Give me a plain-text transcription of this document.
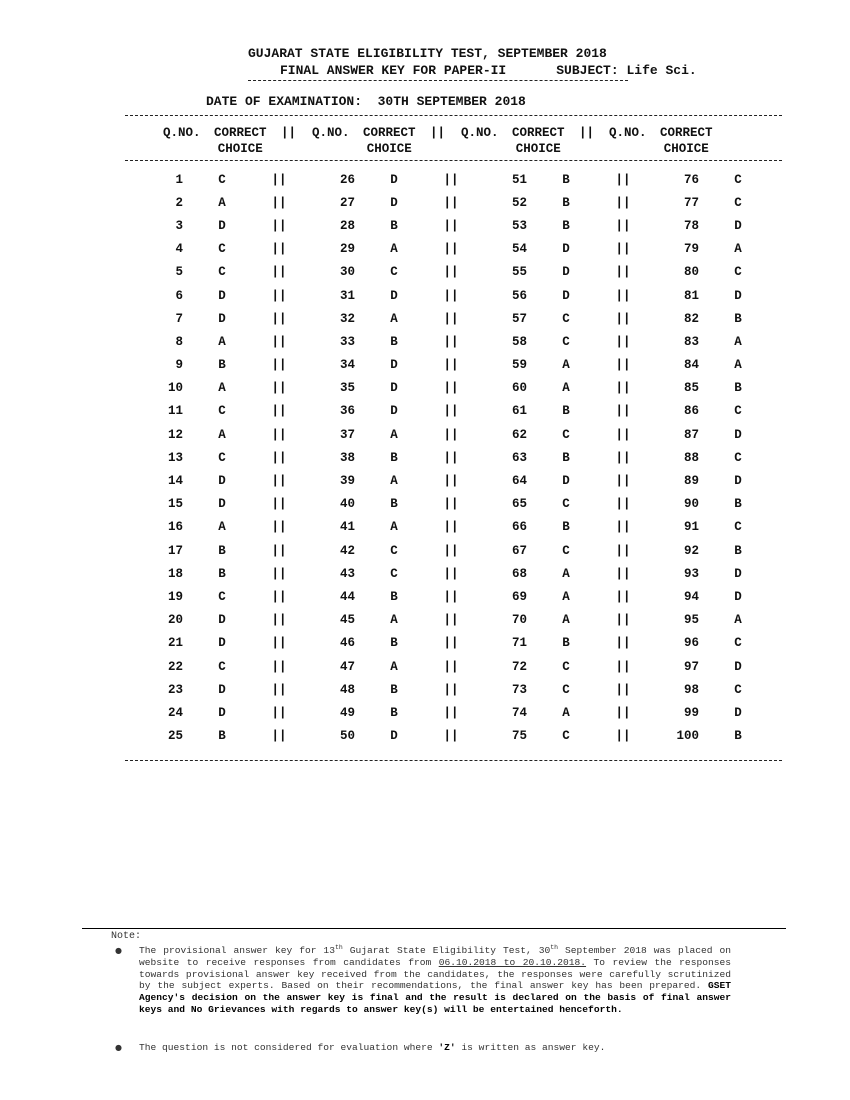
GUJARAT STATE ELIGIBILITY TEST, SEPTEMBER 2018
FINAL ANSWER KEY FOR PAPER-II	SUBJECT: Life Sci.
DATE OF EXAMINATION:  30TH SEPTEMBER 2018
Q.NO. CORRECT
CHOICE
|| Q.NO. CORRECT
CHOICE
|| Q.NO. CORRECT
CHOICE
|| Q.NO. CORRECT
CHOICE
1	C	||	26	D	||	51	B	||	76	C
2	A	||	27	D	||	52	B	||	77	C
3	D	||	28	B	||	53	B	||	78	D
4	C	||	29	A	||	54	D	||	79	A
5	C	||	30	C	||	55	D	||	80	C
6	D	||	31	D	||	56	D	||	81	D
7	D	||	32	A	||	57	C	||	82	B
8	A	||	33	B	||	58	C	||	83	A
9	B	||	34	D	||	59	A	||	84	A
10	A	||	35	D	||	60	A	||	85	B
11	C	||	36	D	||	61	B	||	86	C
12	A	||	37	A	||	62	C	||	87	D
13	C	||	38	B	||	63	B	||	88	C
14	D	||	39	A	||	64	D	||	89	D
15	D	||	40	B	||	65	C	||	90	B
16	A	||	41	A	||	66	B	||	91	C
17	B	||	42	C	||	67	C	||	92	B
18	B	||	43	C	||	68	A	||	93	D
19	C	||	44	B	||	69	A	||	94	D
20	D	||	45	A	||	70	A	||	95	A
21	D	||	46	B	||	71	B	||	96	C
22	C	||	47	A	||	72	C	||	97	D
23	D	||	48	B	||	73	C	||	98	C
24	D	||	49	B	||	74	A	||	99	D
25	B	||	50	D	||	75	C	||	100	B
Note:
● The provisional answer key for 13th Gujarat State Eligibility Test, 30th September 2018 was placed on website to receive responses from candidates from 06.10.2018 to 20.10.2018. To review the responses towards provisional answer key received from the candidates, the responses were carefully scrutinized by the subject experts. Based on their recommendations, the final answer key has been prepared. GSET Agency's decision on the answer key is final and the result is declared on the basis of final answer keys and No Grievances with regards to answer key(s) will be entertained henceforth.
● The question is not considered for evaluation where 'Z' is written as answer key.
